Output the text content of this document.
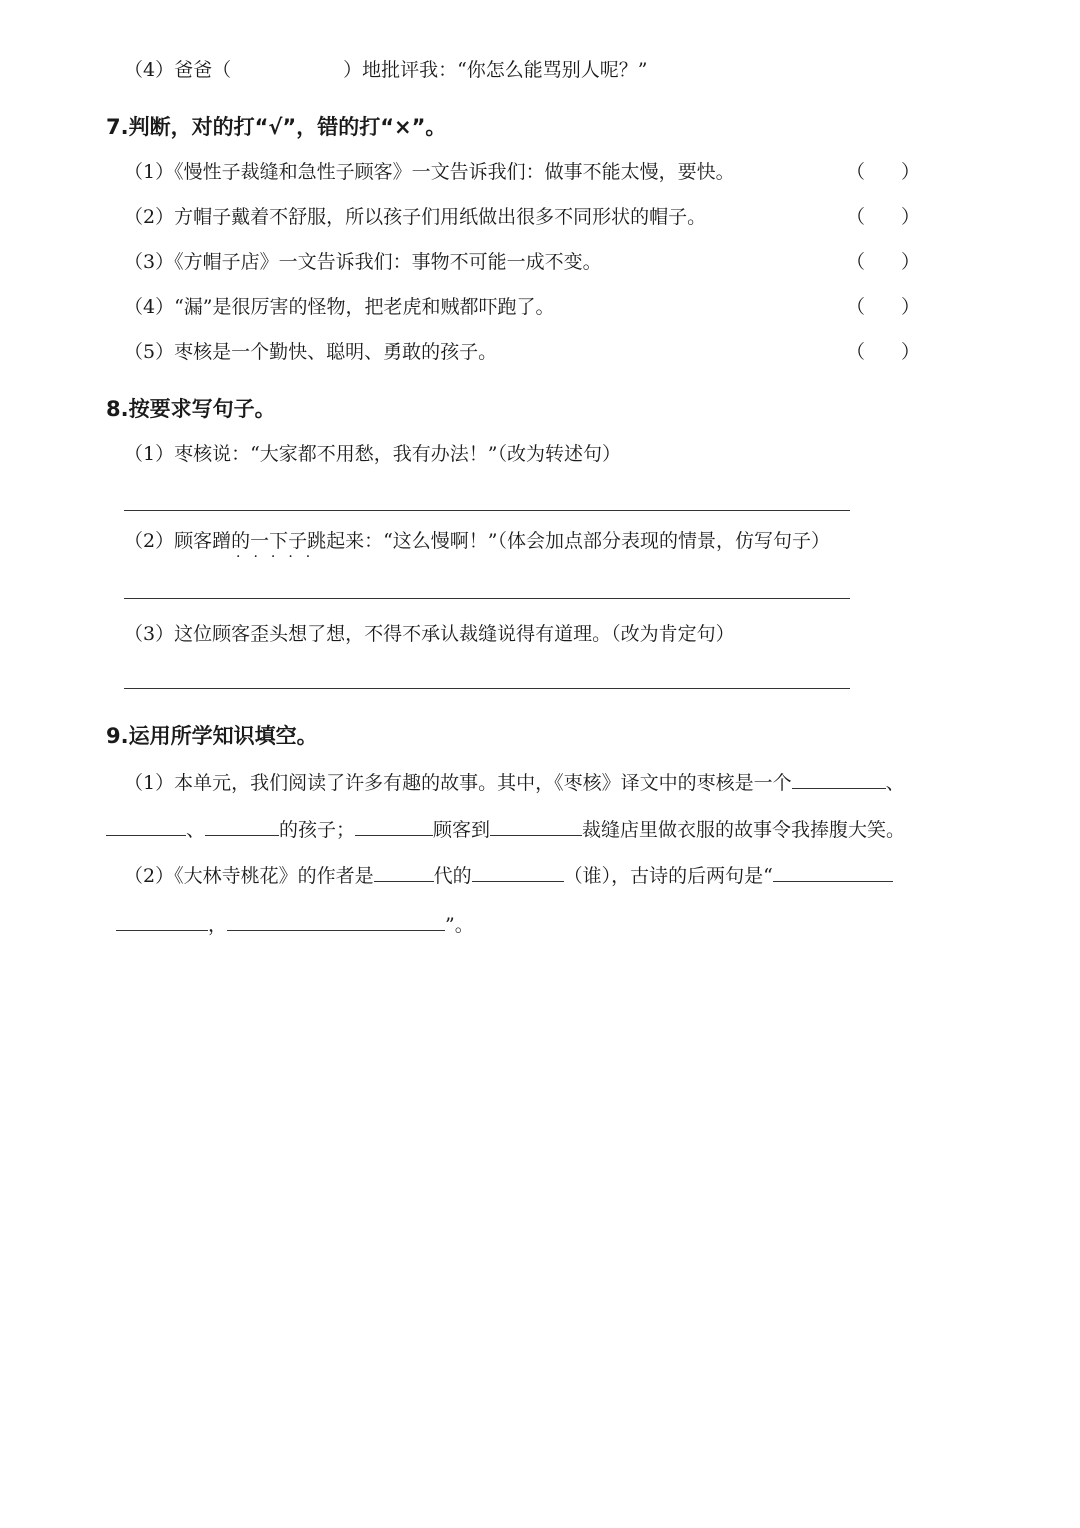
（4）爸爸（	）地批评我：“你怎么能骂别人呢？”
7.判断，对的打“√”，错的打“×”。
（1）《慢性子裁缝和急性子顾客》一文告诉我们：做事不能太慢，要快。	（ ）
（2）方帽子戴着不舒服，所以孩子们用纸做出很多不同形状的帽子。	（ ）
（3）《方帽子店》一文告诉我们：事物不可能一成不变。	（ ）
（4）“漏”是很厉害的怪物，把老虎和贼都吓跑了。	（ ）
（5）枣核是一个勤快、聪明、勇敢的孩子。	（ ）
8.按要求写句子。
（1）枣核说：“大家都不用愁，我有办法！”（改为转述句）
（2）顾客蹭的一下子跳起来：“这么慢啊！”（体会加点部分表现的情景，仿写句子）
·····
（3）这位顾客歪头想了想，不得不承认裁缝说得有道理。（改为肯定句）
9.运用所学知识填空。
（1）本单元，我们阅读了许多有趣的故事。其中，《枣核》译文中的枣核是一个	、
、	的孩子；	顾客到	裁缝店里做衣服的故事令我捧腹大笑。
（2）《大林寺桃花》的作者是	代的	（谁），古诗的后两句是“
，	”。
